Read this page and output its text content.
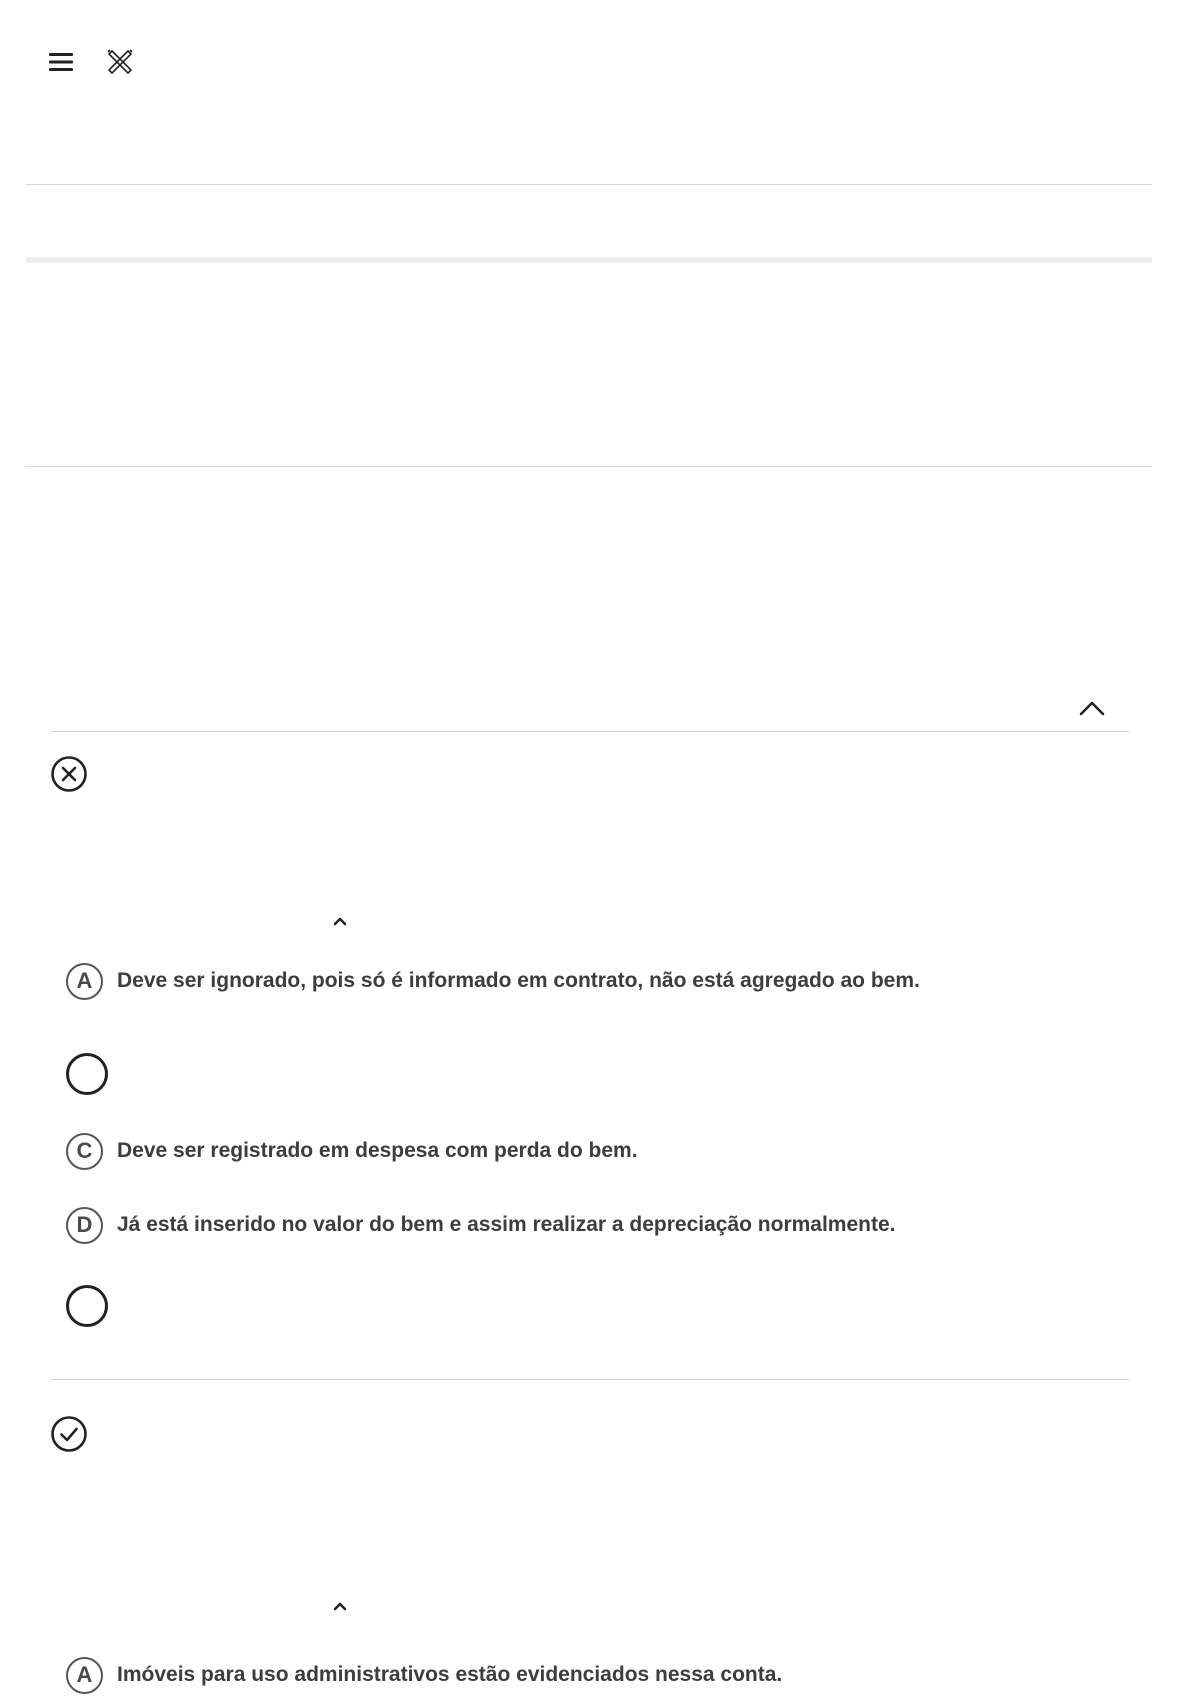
A	Deve ser ignorado, pois só é informado em contrato, não está agregado ao bem.
C	Deve ser registrado em despesa com perda do bem.
D	Já está inserido no valor do bem e assim realizar a depreciação normalmente.
A	Imóveis para uso administrativos estão evidenciados nessa conta.
